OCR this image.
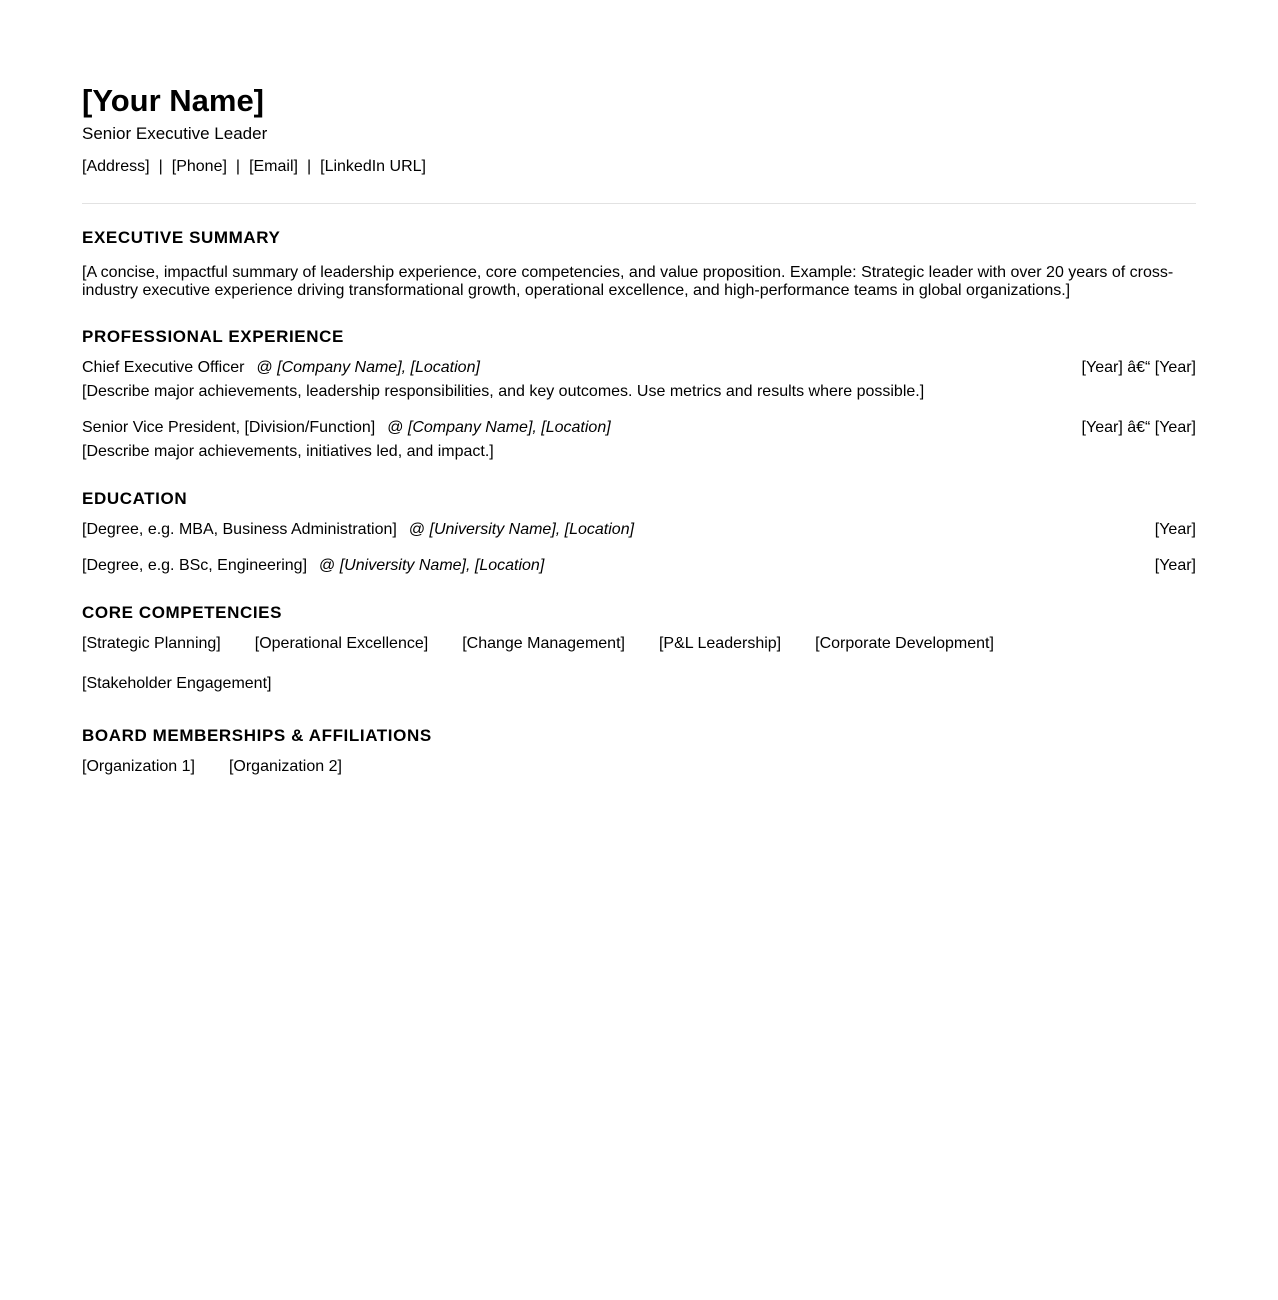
[Your Name]
Senior Executive Leader
[Address] | [Phone] | [Email] | [LinkedIn URL]
EXECUTIVE SUMMARY
[A concise, impactful summary of leadership experience, core competencies, and value proposition. Example: Strategic leader with over 20 years of cross-industry executive experience driving transformational growth, operational excellence, and high-performance teams in global organizations.]
PROFESSIONAL EXPERIENCE
Chief Executive Officer @ [Company Name], [Location]	[Year] â€“ [Year]
[Describe major achievements, leadership responsibilities, and key outcomes. Use metrics and results where possible.]
Senior Vice President, [Division/Function] @ [Company Name], [Location]	[Year] â€“ [Year]
[Describe major achievements, initiatives led, and impact.]
EDUCATION
[Degree, e.g. MBA, Business Administration] @ [University Name], [Location]	[Year]
[Degree, e.g. BSc, Engineering] @ [University Name], [Location]	[Year]
CORE COMPETENCIES
[Strategic Planning] [Operational Excellence] [Change Management] [P&L Leadership] [Corporate Development]
[Stakeholder Engagement]
BOARD MEMBERSHIPS & AFFILIATIONS
[Organization 1] [Organization 2]
